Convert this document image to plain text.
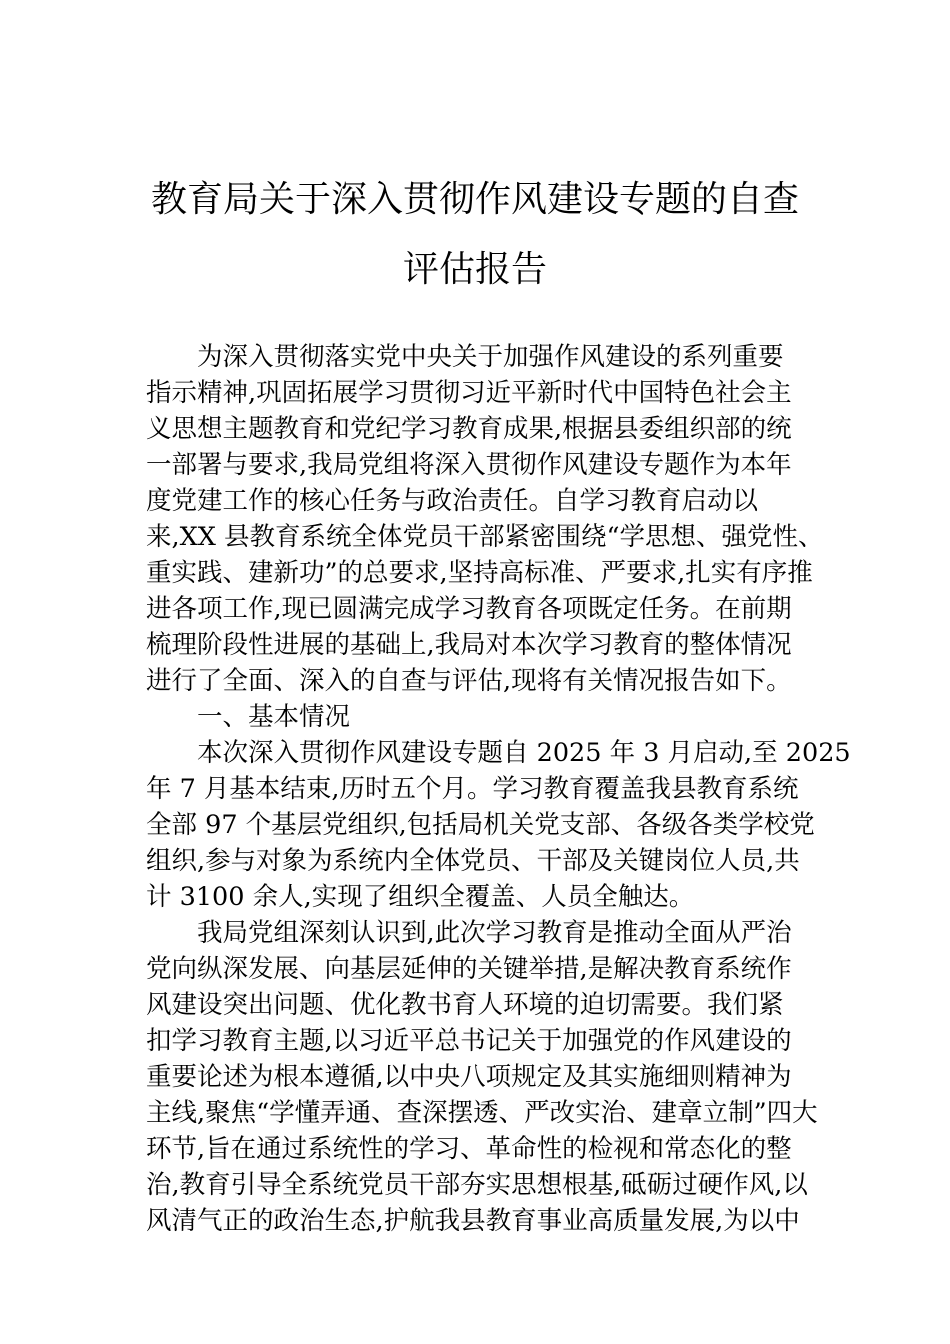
教育局关于深入贯彻作风建设专题的自查
评估报告
为深入贯彻落实党中央关于加强作风建设的系列重要
指示精神,巩固拓展学习贯彻习近平新时代中国特色社会主
义思想主题教育和党纪学习教育成果,根据县委组织部的统
一部署与要求,我局党组将深入贯彻作风建设专题作为本年
度党建工作的核心任务与政治责任。自学习教育启动以
来,XX 县教育系统全体党员干部紧密围绕“学思想、强党性、
重实践、建新功”的总要求,坚持高标准、严要求,扎实有序推
进各项工作,现已圆满完成学习教育各项既定任务。在前期
梳理阶段性进展的基础上,我局对本次学习教育的整体情况
进行了全面、深入的自查与评估,现将有关情况报告如下。
一、基本情况
本次深入贯彻作风建设专题自 2025 年 3 月启动,至 2025
年 7 月基本结束,历时五个月。学习教育覆盖我县教育系统
全部 97 个基层党组织,包括局机关党支部、各级各类学校党
组织,参与对象为系统内全体党员、干部及关键岗位人员,共
计 3100 余人,实现了组织全覆盖、人员全触达。
我局党组深刻认识到,此次学习教育是推动全面从严治
党向纵深发展、向基层延伸的关键举措,是解决教育系统作
风建设突出问题、优化教书育人环境的迫切需要。我们紧
扣学习教育主题,以习近平总书记关于加强党的作风建设的
重要论述为根本遵循,以中央八项规定及其实施细则精神为
主线,聚焦“学懂弄通、查深摆透、严改实治、建章立制”四大
环节,旨在通过系统性的学习、革命性的检视和常态化的整
治,教育引导全系统党员干部夯实思想根基,砥砺过硬作风,以
风清气正的政治生态,护航我县教育事业高质量发展,为以中
